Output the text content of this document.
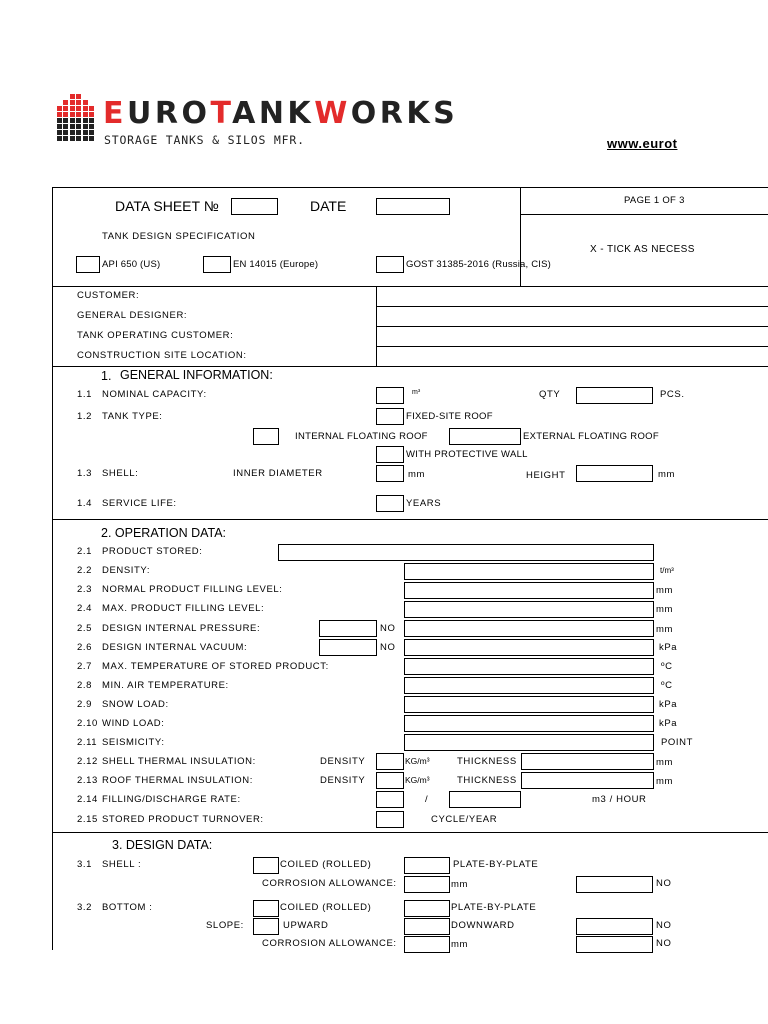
EUROTANKWORKS
STORAGE TANKS & SILOS MFR.	www.eurot
DATA SHEET №	DATE	PAGE 1 OF 3
TANK DESIGN SPECIFICATION
X - TICK AS NECESS
API 650 (US)	EN 14015 (Europe)	GOST 31385-2016 (Russia, CIS)
CUSTOMER:
GENERAL DESIGNER:
TANK OPERATING CUSTOMER:
CONSTRUCTION SITE LOCATION:
1. GENERAL INFORMATION:
1.1 NOMINAL CAPACITY:	m³	QTY	PCS.
1.2 TANK TYPE:	FIXED-SITE ROOF
INTERNAL FLOATING ROOF	EXTERNAL FLOATING ROOF
WITH PROTECTIVE WALL
1.3 SHELL:	INNER DIAMETER	mm	HEIGHT	mm
1.4 SERVICE LIFE:	YEARS
2. OPERATION DATA:
2.1 PRODUCT STORED:
2.2 DENSITY:	t/m³
2.3 NORMAL PRODUCT FILLING LEVEL:	mm
2.4 MAX. PRODUCT FILLING LEVEL:	mm
2.5 DESIGN INTERNAL PRESSURE:	NO	mm
2.6 DESIGN INTERNAL VACUUM:	NO	kPa
2.7 MAX. TEMPERATURE OF STORED PRODUCT:	ºC
2.8 MIN. AIR TEMPERATURE:	ºC
2.9 SNOW LOAD:	kPa
2.10 WIND LOAD:	kPa
2.11 SEISMICITY:	POINT
2.12 SHELL THERMAL INSULATION:	DENSITY	KG/m³	THICKNESS	mm
2.13 ROOF THERMAL INSULATION:	DENSITY	KG/m³	THICKNESS	mm
2.14 FILLING/DISCHARGE RATE:	/	m3 / HOUR
2.15 STORED PRODUCT TURNOVER:	CYCLE/YEAR
3. DESIGN DATA:
3.1 SHELL :	COILED (ROLLED)	PLATE-BY-PLATE
CORROSION ALLOWANCE:	mm	NO
3.2 BOTTOM :	COILED (ROLLED)	PLATE-BY-PLATE
SLOPE:	UPWARD	DOWNWARD	NO
CORROSION ALLOWANCE:	mm	NO
